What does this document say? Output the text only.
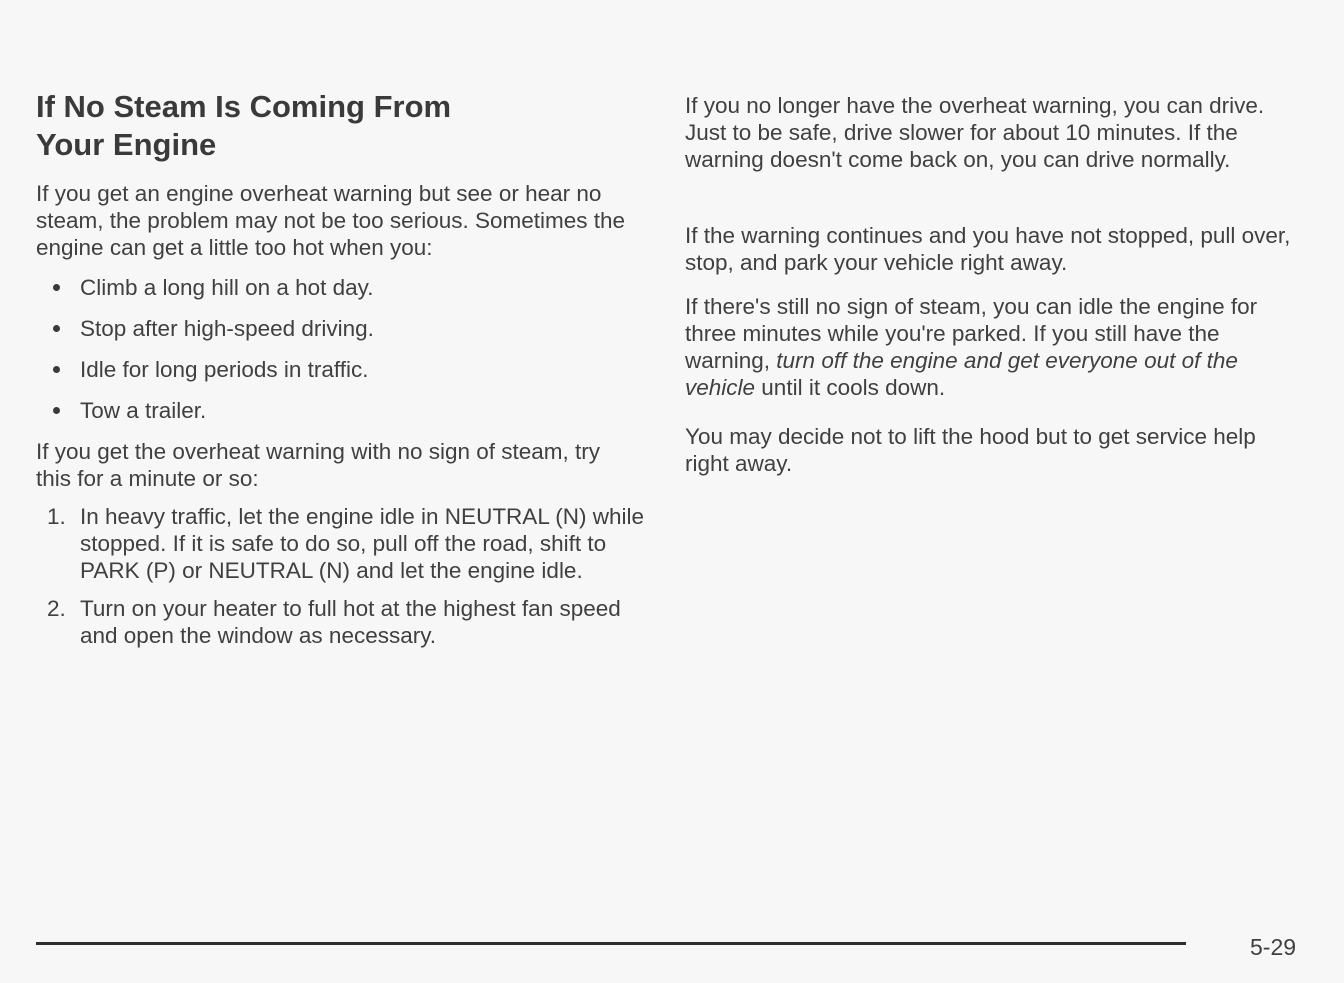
If No Steam Is Coming From
Your Engine

If you get an engine overheat warning but see or hear no steam, the problem may not be too serious. Sometimes the engine can get a little too hot when you:

Climb a long hill on a hot day.
Stop after high-speed driving.
Idle for long periods in traffic.
Tow a trailer.

If you get the overheat warning with no sign of steam, try this for a minute or so:

1. In heavy traffic, let the engine idle in NEUTRAL (N) while stopped. If it is safe to do so, pull off the road, shift to PARK (P) or NEUTRAL (N) and let the engine idle.
2. Turn on your heater to full hot at the highest fan speed and open the window as necessary.

If you no longer have the overheat warning, you can drive. Just to be safe, drive slower for about 10 minutes. If the warning doesn't come back on, you can drive normally.

If the warning continues and you have not stopped, pull over, stop, and park your vehicle right away.

If there's still no sign of steam, you can idle the engine for three minutes while you're parked. If you still have the warning, turn off the engine and get everyone out of the vehicle until it cools down.

You may decide not to lift the hood but to get service help right away.

5-29
